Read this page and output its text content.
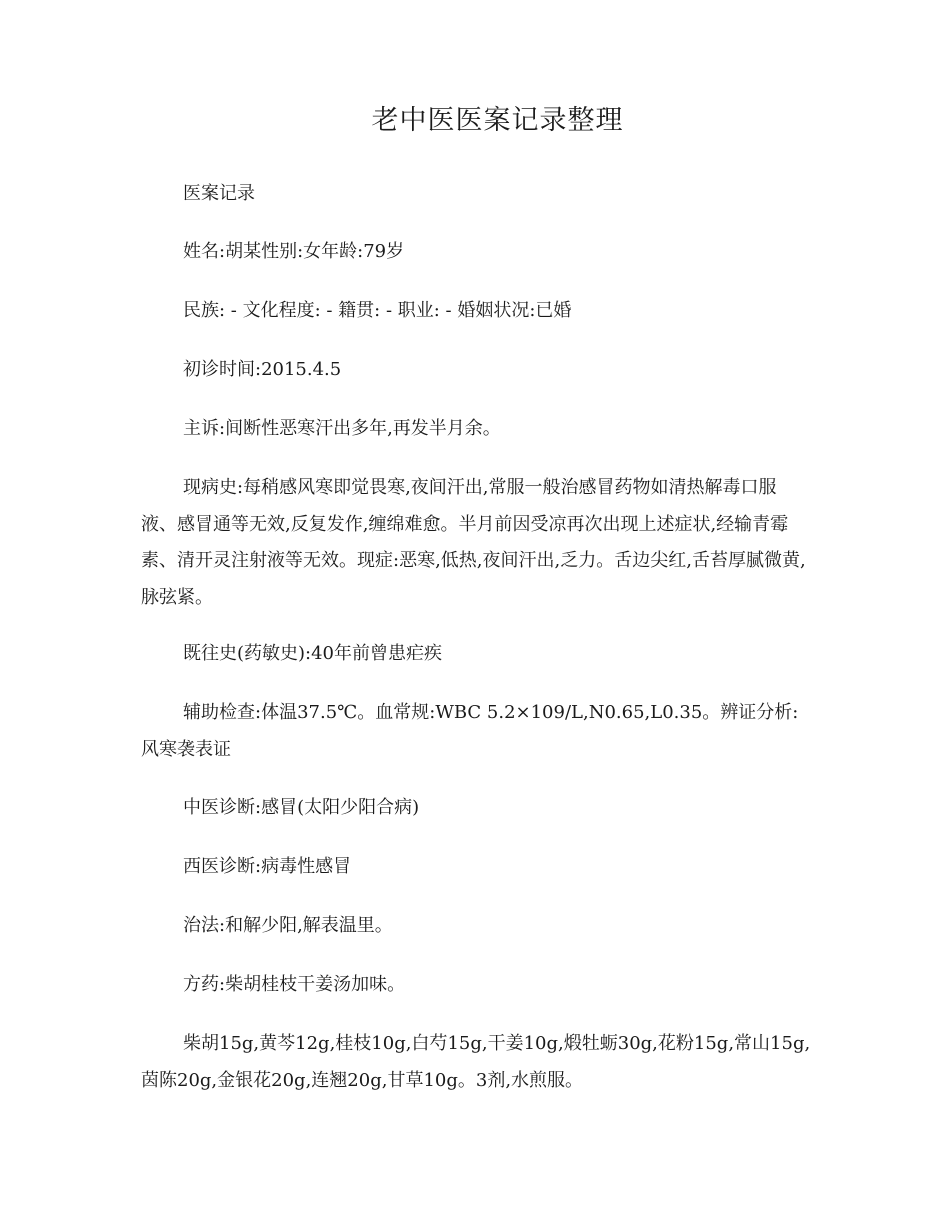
老中医医案记录整理

医案记录

姓名:胡某性别:女年龄:79岁

民族: - 文化程度: - 籍贯: - 职业: - 婚姻状况:已婚

初诊时间:2015.4.5

主诉:间断性恶寒汗出多年,再发半月余。

现病史:每稍感风寒即觉畏寒,夜间汗出,常服一般治感冒药物如清热解毒口服液、感冒通等无效,反复发作,缠绵难愈。半月前因受凉再次出现上述症状,经输青霉素、清开灵注射液等无效。现症:恶寒,低热,夜间汗出,乏力。舌边尖红,舌苔厚腻微黄,脉弦紧。

既往史(药敏史):40年前曾患疟疾

辅助检查:体温37.5℃。血常规:WBC 5.2×109/L,N0.65,L0.35。辨证分析:风寒袭表证

中医诊断:感冒(太阳少阳合病)

西医诊断:病毒性感冒

治法:和解少阳,解表温里。

方药:柴胡桂枝干姜汤加味。

柴胡15g,黄芩12g,桂枝10g,白芍15g,干姜10g,煅牡蛎30g,花粉15g,常山15g,茵陈20g,金银花20g,连翘20g,甘草10g。3剂,水煎服。
